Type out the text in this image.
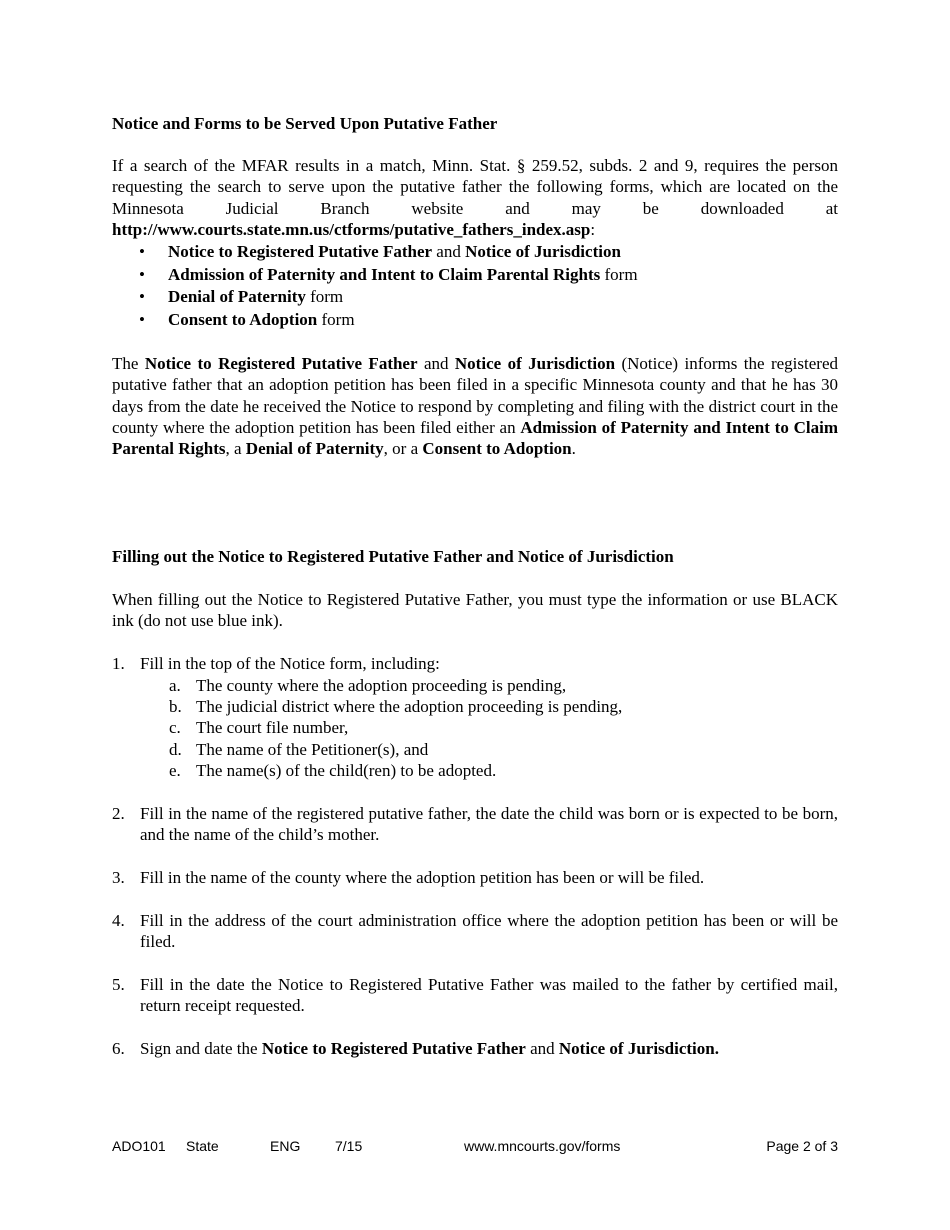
Notice and Forms to be Served Upon Putative Father
If a search of the MFAR results in a match, Minn. Stat. § 259.52, subds. 2 and 9, requires the person requesting the search to serve upon the putative father the following forms, which are located on the Minnesota Judicial Branch website and may be downloaded at http://www.courts.state.mn.us/ctforms/putative_fathers_index.asp:
• Notice to Registered Putative Father and Notice of Jurisdiction
• Admission of Paternity and Intent to Claim Parental Rights form
• Denial of Paternity form
• Consent to Adoption form
The Notice to Registered Putative Father and Notice of Jurisdiction (Notice) informs the registered putative father that an adoption petition has been filed in a specific Minnesota county and that he has 30 days from the date he received the Notice to respond by completing and filing with the district court in the county where the adoption petition has been filed either an Admission of Paternity and Intent to Claim Parental Rights, a Denial of Paternity, or a Consent to Adoption.
Filling out the Notice to Registered Putative Father and Notice of Jurisdiction
When filling out the Notice to Registered Putative Father, you must type the information or use BLACK ink (do not use blue ink).
1. Fill in the top of the Notice form, including:
a. The county where the adoption proceeding is pending,
b. The judicial district where the adoption proceeding is pending,
c. The court file number,
d. The name of the Petitioner(s), and
e. The name(s) of the child(ren) to be adopted.
2. Fill in the name of the registered putative father, the date the child was born or is expected to be born, and the name of the child’s mother.
3. Fill in the name of the county where the adoption petition has been or will be filed.
4. Fill in the address of the court administration office where the adoption petition has been or will be filed.
5. Fill in the date the Notice to Registered Putative Father was mailed to the father by certified mail, return receipt requested.
6. Sign and date the Notice to Registered Putative Father and Notice of Jurisdiction.
ADO101 State	ENG 7/15	www.mncourts.gov/forms	Page 2 of 3
